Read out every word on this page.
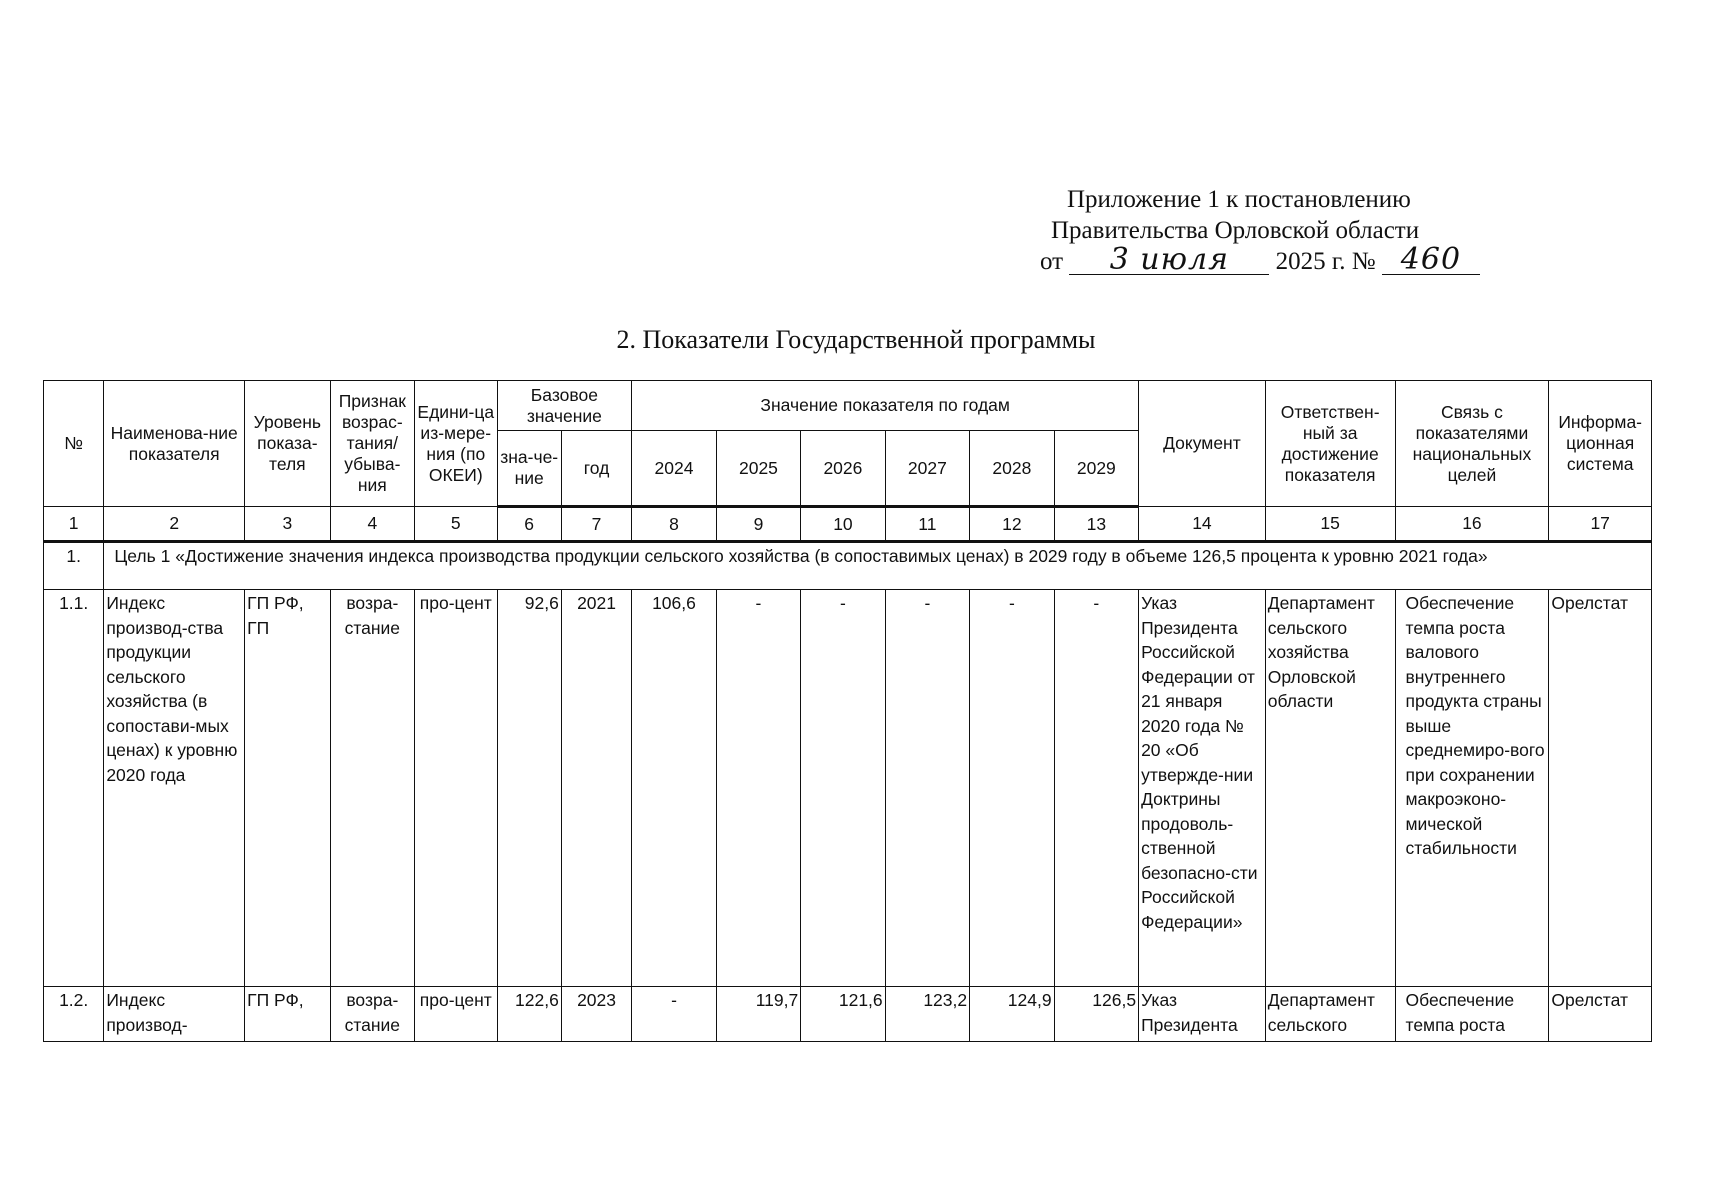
Приложение 1 к постановлению
Правительства Орловской области
от 3 июля 2025 г. № 460
2. Показатели Государственной программы
№	Наименова-ние показателя	Уровень показа-теля	Признак возрас-тания/ убыва-ния	Едини-ца из-мере-ния (по ОКЕИ)	Базовое значение		Значение показателя по годам						Документ	Ответствен-ный за достижение показателя	Связь с показателями национальных целей	Информа-ционная система
					зна-че-ние	год	2024	2025	2026	2027	2028	2029				
1	2	3	4	5	6	7	8	9	10	11	12	13	14	15	16	17
1.	Цель 1 «Достижение значения индекса производства продукции сельского хозяйства (в сопоставимых ценах) в 2029 году в объеме 126,5 процента к уровню 2021 года»															
1.1.	Индекс производ-ства продукции сельского хозяйства (в сопостави-мых ценах) к уровню 2020 года	ГП РФ, ГП	возра-стание	про-цент	92,6	2021	106,6	-	-	-	-	-	Указ Президента Российской Федерации от 21 января 2020 года № 20 «Об утвержде-нии Доктрины продоволь-ственной безопасно-сти Российской Федерации»	Департамент сельского хозяйства Орловской области	Обеспечение темпа роста валового внутреннего продукта страны выше среднемиро-вого при сохранении макроэконо-мической стабильности	Орелстат
1.2.	Индекс производ-	ГП РФ,	возра-стание	про-цент	122,6	2023	-	119,7	121,6	123,2	124,9	126,5	Указ Президента	Департамент сельского	Обеспечение темпа роста	Орелстат
